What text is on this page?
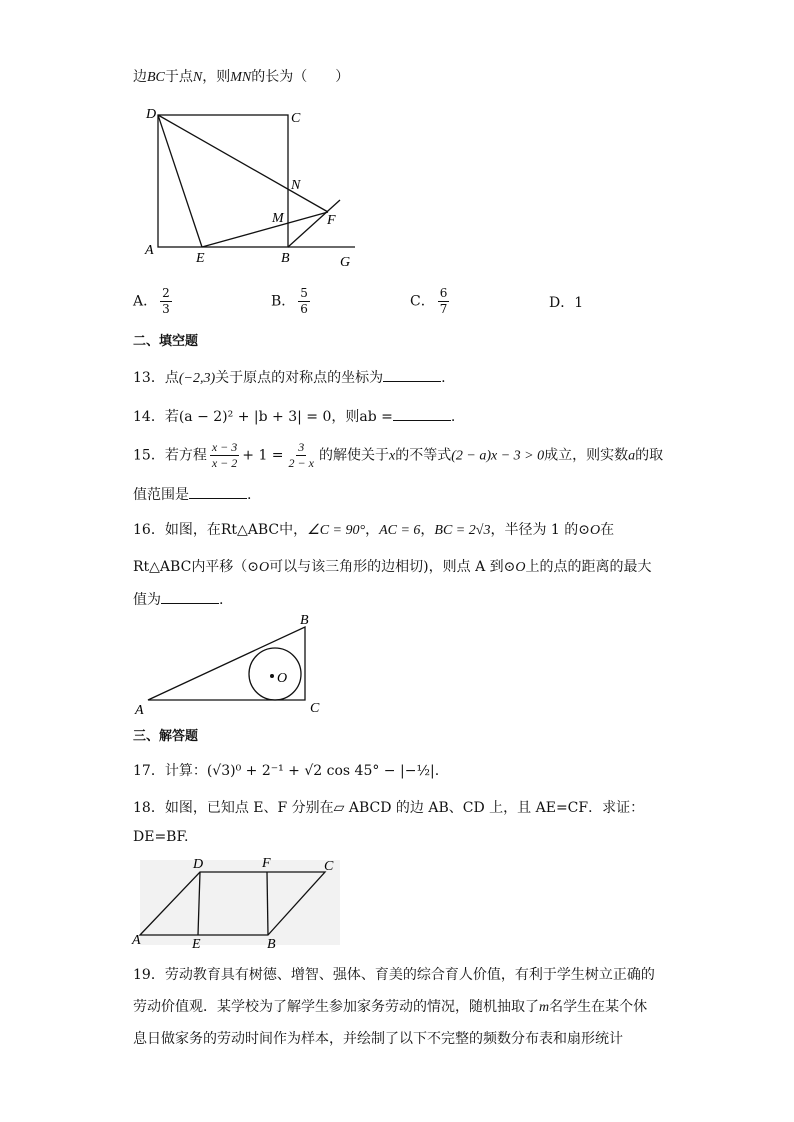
边BC于点N，则MN的长为（　　）
D	C
N
M	F
A
E	B	G
A． $\frac{2}{3}$	B． $\frac{5}{6}$	C． $\frac{6}{7}$	D．1
二、填空题
13．点(−2,3)关于原点的对称点的坐标为	.
14．若(a − 2)² + |b + 3| = 0，则ab =	.
15．若方程 $\frac{x - 3}{x - 2} + 1 = \frac{3}{2 - x}$ 的解使关于x的不等式(2 − a)x − 3 > 0成立，则实数a的取
值范围是	.
16．如图，在Rt△ABC中，∠C = 90°，AC = 6，BC = 2√3，半径为 1 的⊙O在
Rt△ABC内平移（⊙O可以与该三角形的边相切)，则点 A 到⊙O上的点的距离的最大
值为	.
B
O
A	C
三、解答题
17．计算：(√3)⁰ + 2⁻¹ + √2 cos 45° − |−½|.
18．如图，已知点 E、F 分别在▱ ABCD 的边 AB、CD 上，且 AE=CF．求证：
DE=BF.
D	F	C
A	E	B
19．劳动教育具有树德、增智、强体、育美的综合育人价值，有利于学生树立正确的
劳动价值观．某学校为了解学生参加家务劳动的情况，随机抽取了m名学生在某个休
息日做家务的劳动时间作为样本，并绘制了以下不完整的频数分布表和扇形统计
